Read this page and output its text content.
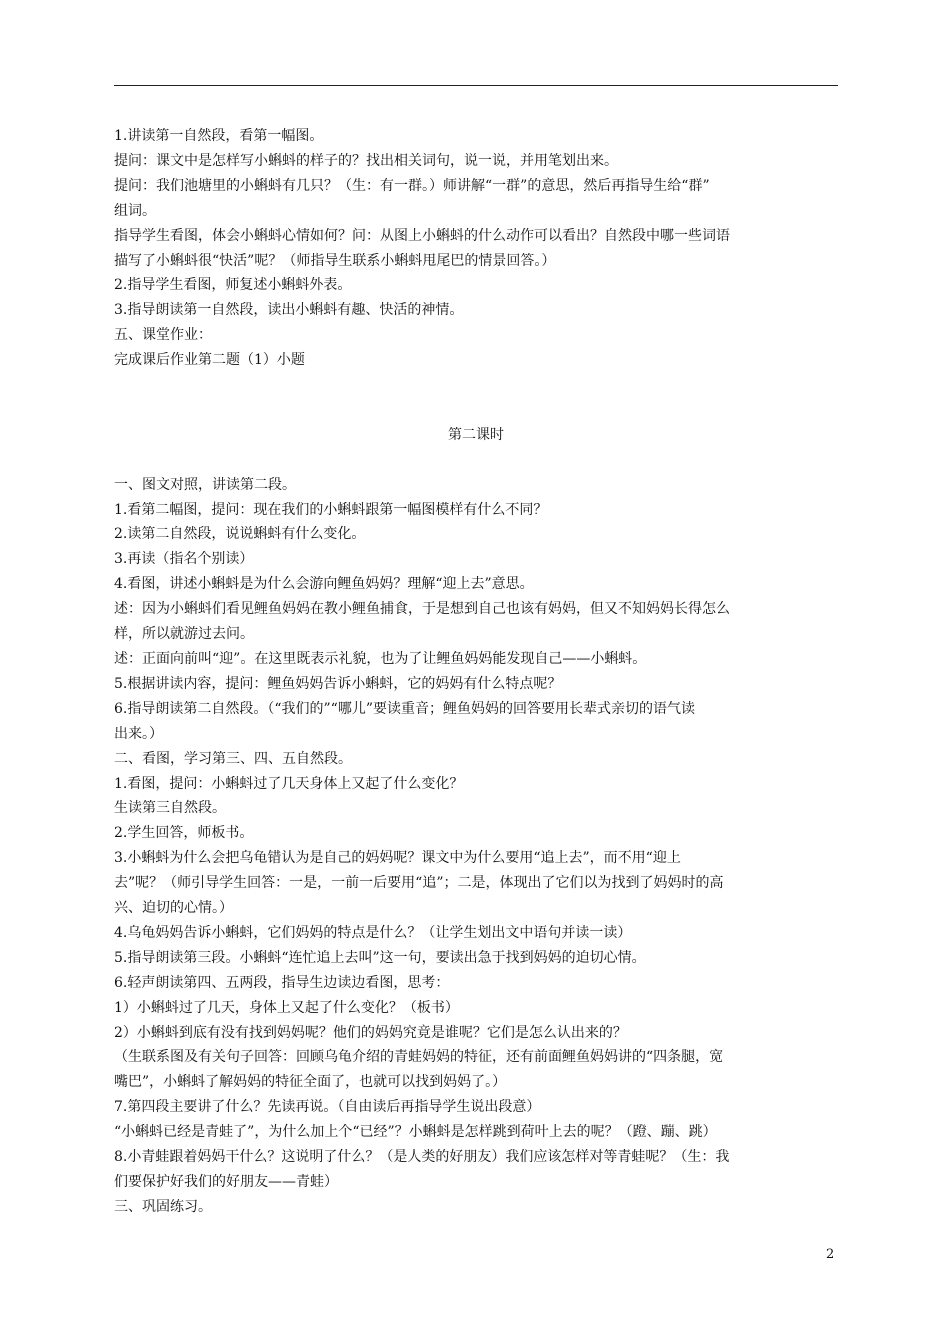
1.讲读第一自然段，看第一幅图。

提问：课文中是怎样写小蝌蚪的样子的？找出相关词句，说一说，并用笔划出来。

提问：我们池塘里的小蝌蚪有几只？（生：有一群。）师讲解“一群”的意思，然后再指导生给“群”

组词。

指导学生看图，体会小蝌蚪心情如何？问：从图上小蝌蚪的什么动作可以看出？自然段中哪一些词语

描写了小蝌蚪很“快活”呢？（师指导生联系小蝌蚪甩尾巴的情景回答。）

2.指导学生看图，师复述小蝌蚪外表。

3.指导朗读第一自然段，读出小蝌蚪有趣、快活的神情。

五、课堂作业：

完成课后作业第二题（1）小题

第二课时

一、图文对照，讲读第二段。

1.看第二幅图，提问：现在我们的小蝌蚪跟第一幅图模样有什么不同？

2.读第二自然段，说说蝌蚪有什么变化。

3.再读（指名个别读）

4.看图，讲述小蝌蚪是为什么会游向鲤鱼妈妈？理解“迎上去”意思。

述：因为小蝌蚪们看见鲤鱼妈妈在教小鲤鱼捕食，于是想到自己也该有妈妈，但又不知妈妈长得怎么

样，所以就游过去问。

述：正面向前叫“迎”。在这里既表示礼貌，也为了让鲤鱼妈妈能发现自己——小蝌蚪。

5.根据讲读内容，提问：鲤鱼妈妈告诉小蝌蚪，它的妈妈有什么特点呢？

6.指导朗读第二自然段。（“我们的”“哪儿”要读重音；鲤鱼妈妈的回答要用长辈式亲切的语气读

出来。）

二、看图，学习第三、四、五自然段。

1.看图，提问：小蝌蚪过了几天身体上又起了什么变化？

生读第三自然段。

2.学生回答，师板书。

3.小蝌蚪为什么会把乌龟错认为是自己的妈妈呢？课文中为什么要用“追上去”，而不用“迎上

去”呢？（师引导学生回答：一是，一前一后要用“追”；二是，体现出了它们以为找到了妈妈时的高

兴、迫切的心情。）

4.乌龟妈妈告诉小蝌蚪，它们妈妈的特点是什么？（让学生划出文中语句并读一读）

5.指导朗读第三段。小蝌蚪“连忙追上去叫”这一句，要读出急于找到妈妈的迫切心情。

6.轻声朗读第四、五两段，指导生边读边看图，思考：

1）小蝌蚪过了几天，身体上又起了什么变化？（板书）

2）小蝌蚪到底有没有找到妈妈呢？他们的妈妈究竟是谁呢？它们是怎么认出来的？

（生联系图及有关句子回答：回顾乌龟介绍的青蛙妈妈的特征，还有前面鲤鱼妈妈讲的“四条腿，宽

嘴巴”，小蝌蚪了解妈妈的特征全面了，也就可以找到妈妈了。）

7.第四段主要讲了什么？先读再说。（自由读后再指导学生说出段意）

“小蝌蚪已经是青蛙了”，为什么加上个“已经”？小蝌蚪是怎样跳到荷叶上去的呢？（蹬、蹦、跳）

8.小青蛙跟着妈妈干什么？这说明了什么？（是人类的好朋友）我们应该怎样对等青蛙呢？（生：我

们要保护好我们的好朋友——青蛙）

三、巩固练习。

2
